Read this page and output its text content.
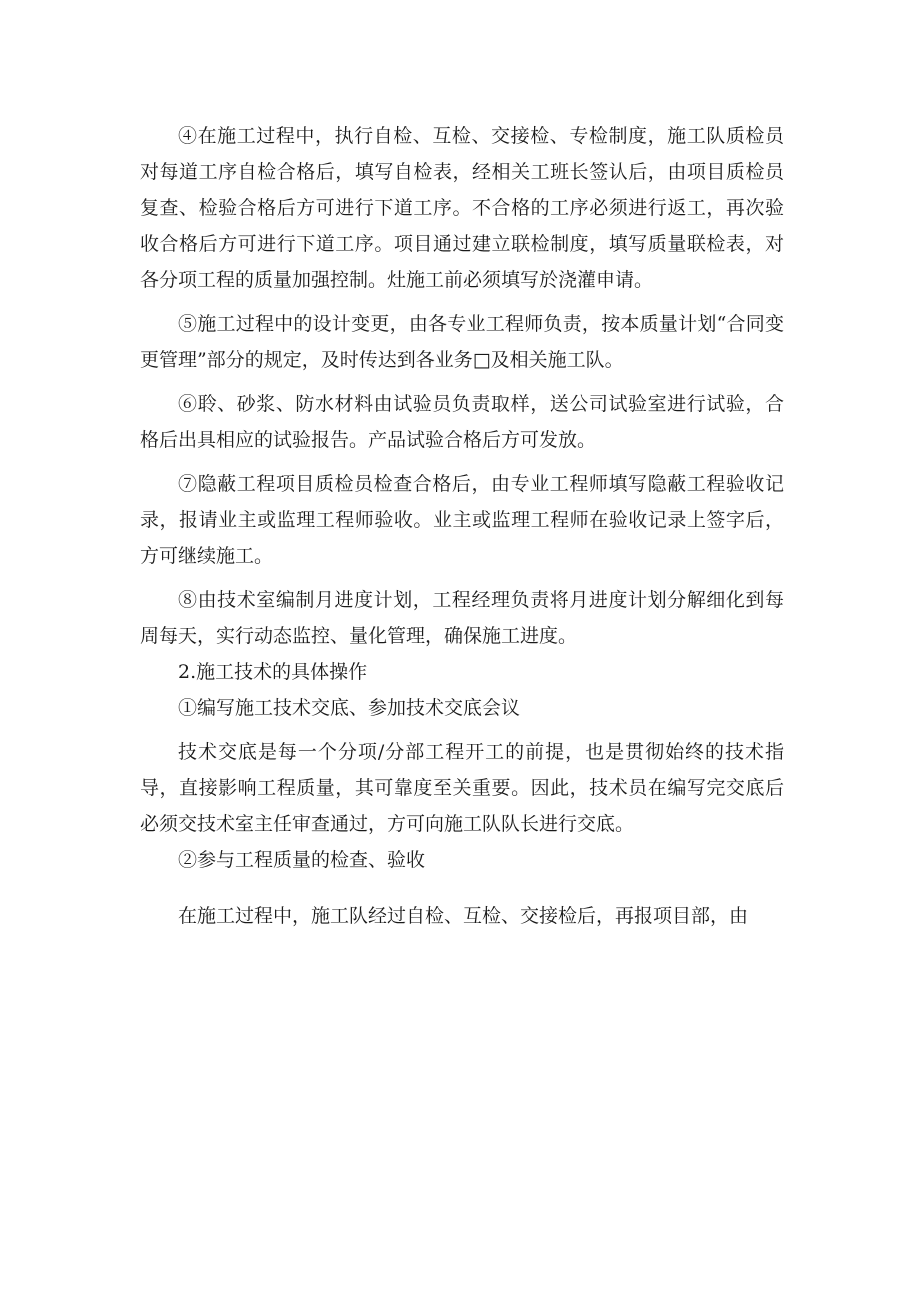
④在施工过程中，执行自检、互检、交接检、专检制度，施工队质检员对每道工序自检合格后，填写自检表，经相关工班长签认后，由项目质检员复查、检验合格后方可进行下道工序。不合格的工序必须进行返工，再次验收合格后方可进行下道工序。项目通过建立联检制度，填写质量联检表，对各分项工程的质量加强控制。灶施工前必须填写於浇灌申请。

⑤施工过程中的设计变更，由各专业工程师负责，按本质量计划“合同变更管理”部分的规定，及时传达到各业务□及相关施工队。

⑥聆、砂浆、防水材料由试验员负责取样，送公司试验室进行试验，合格后出具相应的试验报告。产品试验合格后方可发放。

⑦隐蔽工程项目质检员检查合格后，由专业工程师填写隐蔽工程验收记录，报请业主或监理工程师验收。业主或监理工程师在验收记录上签字后，方可继续施工。

⑧由技术室编制月进度计划，工程经理负责将月进度计划分解细化到每周每天，实行动态监控、量化管理，确保施工进度。

2.施工技术的具体操作

①编写施工技术交底、参加技术交底会议

技术交底是每一个分项/分部工程开工的前提，也是贯彻始终的技术指导，直接影响工程质量，其可靠度至关重要。因此，技术员在编写完交底后必须交技术室主任审查通过，方可向施工队队长进行交底。

②参与工程质量的检查、验收

在施工过程中，施工队经过自检、互检、交接检后，再报项目部，由
